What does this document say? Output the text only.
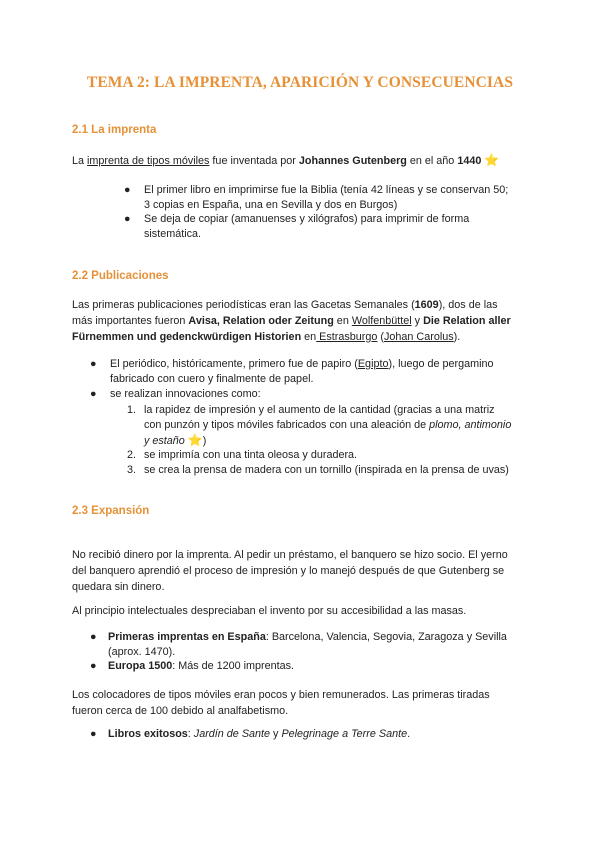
TEMA 2: LA IMPRENTA, APARICIÓN Y CONSECUENCIAS
2.1 La imprenta

La imprenta de tipos móviles fue inventada por Johannes Gutenberg en el año 1440 ⭐

●	El primer libro en imprimirse fue la Biblia (tenía 42 líneas y se conservan 50;
3 copias en España, una en Sevilla y dos en Burgos)
●	Se deja de copiar (amanuenses y xilógrafos) para imprimir de forma
sistemática.
2.2 Publicaciones
Las primeras publicaciones periodísticas eran las Gacetas Semanales (1609), dos de las
más importantes fueron Avisa, Relation oder Zeitung en Wolfenbüttel y Die Relation aller
Fürnemmen und gedenckwürdigen Historien en Estrasburgo (Johan Carolus).
●	El periódico, históricamente, primero fue de papiro (Egipto), luego de pergamino
fabricado con cuero y finalmente de papel.
●	se realizan innovaciones como:
1. la rapidez de impresión y el aumento de la cantidad (gracias a una matriz
con punzón y tipos móviles fabricados con una aleación de plomo, antimonio
y estaño ⭐)
2. se imprimía con una tinta oleosa y duradera.
3. se crea la prensa de madera con un tornillo (inspirada en la prensa de uvas)
2.3 Expansión
No recibió dinero por la imprenta. Al pedir un préstamo, el banquero se hizo socio. El yerno
del banquero aprendió el proceso de impresión y lo manejó después de que Gutenberg se
quedara sin dinero.

Al principio intelectuales despreciaban el invento por su accesibilidad a las masas.

●	Primeras imprentas en España: Barcelona, Valencia, Segovia, Zaragoza y Sevilla
(aprox. 1470).
●	Europa 1500: Más de 1200 imprentas.
Los colocadores de tipos móviles eran pocos y bien remunerados. Las primeras tiradas
fueron cerca de 100 debido al analfabetismo.
●	Libros exitosos: Jardín de Sante y Pelegrinage a Terre Sante.
